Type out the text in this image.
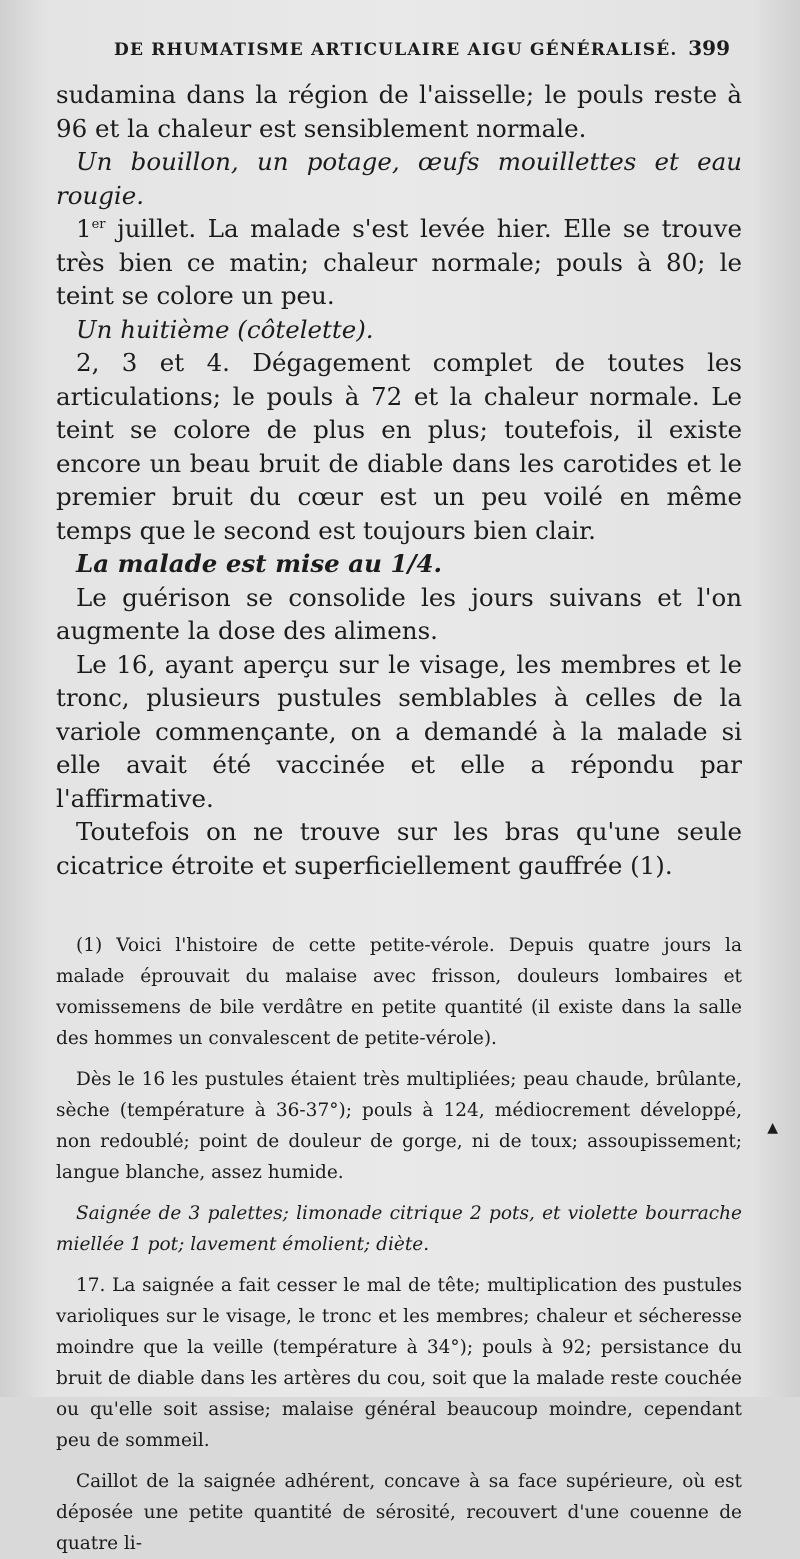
DE RHUMATISME ARTICULAIRE AIGU GÉNÉRALISÉ. 399

sudamina dans la région de l'aisselle; le pouls reste à 96 et la chaleur est sensiblement normale.

Un bouillon, un potage, œufs mouillettes et eau rougie.

1er juillet. La malade s'est levée hier. Elle se trouve très bien ce matin; chaleur normale; pouls à 80; le teint se colore un peu.

Un huitième (côtelette).

2, 3 et 4. Dégagement complet de toutes les articulations; le pouls à 72 et la chaleur normale. Le teint se colore de plus en plus; toutefois, il existe encore un beau bruit de diable dans les carotides et le premier bruit du cœur est un peu voilé en même temps que le second est toujours bien clair.

La malade est mise au 1/4.

Le guérison se consolide les jours suivans et l'on augmente la dose des alimens.

Le 16, ayant aperçu sur le visage, les membres et le tronc, plusieurs pustules semblables à celles de la variole commençante, on a demandé à la malade si elle avait été vaccinée et elle a répondu par l'affirmative.

Toutefois on ne trouve sur les bras qu'une seule cicatrice étroite et superficiellement gauffrée (1).

(1) Voici l'histoire de cette petite-vérole. Depuis quatre jours la malade éprouvait du malaise avec frisson, douleurs lombaires et vomissemens de bile verdâtre en petite quantité (il existe dans la salle des hommes un convalescent de petite-vérole).

Dès le 16 les pustules étaient très multipliées; peau chaude, brûlante, sèche (température à 36-37°); pouls à 124, médiocrement développé, non redoublé; point de douleur de gorge, ni de toux; assoupissement; langue blanche, assez humide.

Saignée de 3 palettes; limonade citrique 2 pots, et violette bourrache miellée 1 pot; lavement émolient; diète.

17. La saignée a fait cesser le mal de tête; multiplication des pustules varioliques sur le visage, le tronc et les membres; chaleur et sécheresse moindre que la veille (température à 34°); pouls à 92; persistance du bruit de diable dans les artères du cou, soit que la malade reste couchée ou qu'elle soit assise; malaise général beaucoup moindre, cependant peu de sommeil.

Caillot de la saignée adhérent, concave à sa face supérieure, où est déposée une petite quantité de sérosité, recouvert d'une couenne de quatre li-

▲
